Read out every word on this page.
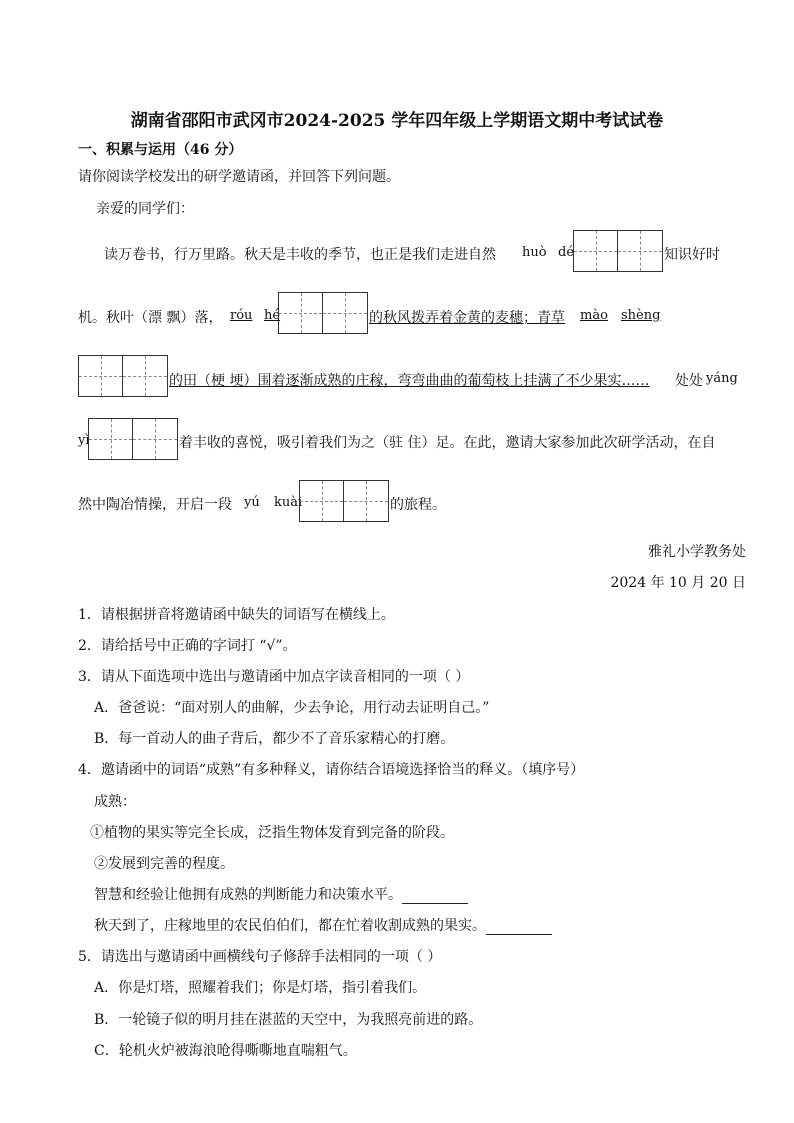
湖南省邵阳市武冈市2024-2025 学年四年级上学期语文期中考试试卷
一、积累与运用（46 分）
请你阅读学校发出的研学邀请函，并回答下列问题。
亲爱的同学们：
读万卷书，行万里路。秋天是丰收的季节，也正是我们走进自然 huò dé	知识好时
机。秋叶（漂 飘）落， róu hé	的秋风拨弄着金黄的麦穗；青草 mào shèng
的田（梗 埂）围着逐渐成熟的庄稼，弯弯曲曲的葡萄枝上挂满了不少果实…… 处处 yáng
yì	着丰收的喜悦，吸引着我们为之（驻 住）足。在此，邀请大家参加此次研学活动，在自
然中陶冶情操，开启一段 yú kuài	的旅程。
雅礼小学教务处
2024 年 10 月 20 日
1．请根据拼音将邀请函中缺失的词语写在横线上。
2．请给括号中正确的字词打 “√”。
3．请从下面选项中选出与邀请函中加点字读音相同的一项（ ）
A．爸爸说：“面对别人的曲解，少去争论，用行动去证明自己。”
B．每一首动人的曲子背后，都少不了音乐家精心的打磨。
4．邀请函中的词语“成熟”有多种释义，请你结合语境选择恰当的释义。（填序号）
成熟：
①植物的果实等完全长成，泛指生物体发育到完备的阶段。
②发展到完善的程度。
智慧和经验让他拥有成熟的判断能力和决策水平。
秋天到了，庄稼地里的农民伯伯们，都在忙着收割成熟的果实。
5．请选出与邀请函中画横线句子修辞手法相同的一项（ ）
A．你是灯塔，照耀着我们；你是灯塔，指引着我们。
B．一轮镜子似的明月挂在湛蓝的天空中，为我照亮前进的路。
C．轮机火炉被海浪呛得嘶嘶地直喘粗气。
